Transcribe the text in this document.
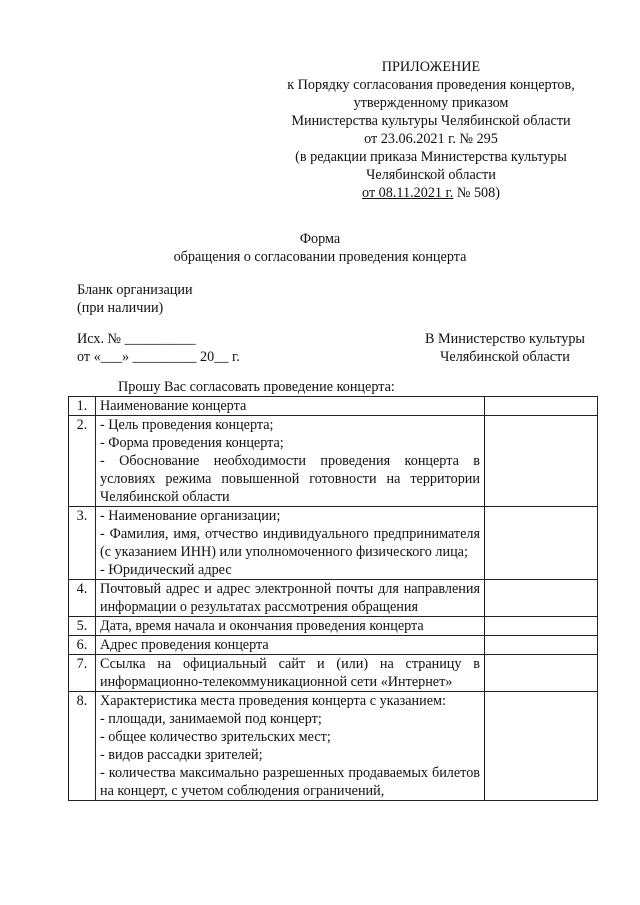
ПРИЛОЖЕНИЕ
к Порядку согласования проведения концертов,
утвержденному приказом
Министерства культуры Челябинской области
от 23.06.2021 г. № 295
(в редакции приказа Министерства культуры
Челябинской области
от 08.11.2021 г. № 508)
Форма
обращения о согласовании проведения концерта
Бланк организации
(при наличии)
Исх. № __________
от «___» _________ 20__ г.
В Министерство культуры
Челябинской области
Прошу Вас согласовать проведение концерта:
1.	Наименование концерта	

2.	- Цель проведения концерта;
- Форма проведения концерта;
- Обоснование необходимости проведения концерта в условиях режима повышенной готовности на территории Челябинской области	

3.	- Наименование организации;
- Фамилия, имя, отчество индивидуального предпринимателя (с указанием ИНН) или уполномоченного физического лица;
- Юридический адрес	

4.	Почтовый адрес и адрес электронной почты для направления информации о результатах рассмотрения обращения	

5.	Дата, время начала и окончания проведения концерта	

6.	Адрес проведения концерта	

7.	Ссылка на официальный сайт и (или) на страницу в информационно-телекоммуникационной сети «Интернет»	

8.	Характеристика места проведения концерта с указанием:
- площади, занимаемой под концерт;
- общее количество зрительских мест;
- видов рассадки зрителей;
- количества максимально разрешенных продаваемых билетов на концерт, с учетом соблюдения ограничений,	
